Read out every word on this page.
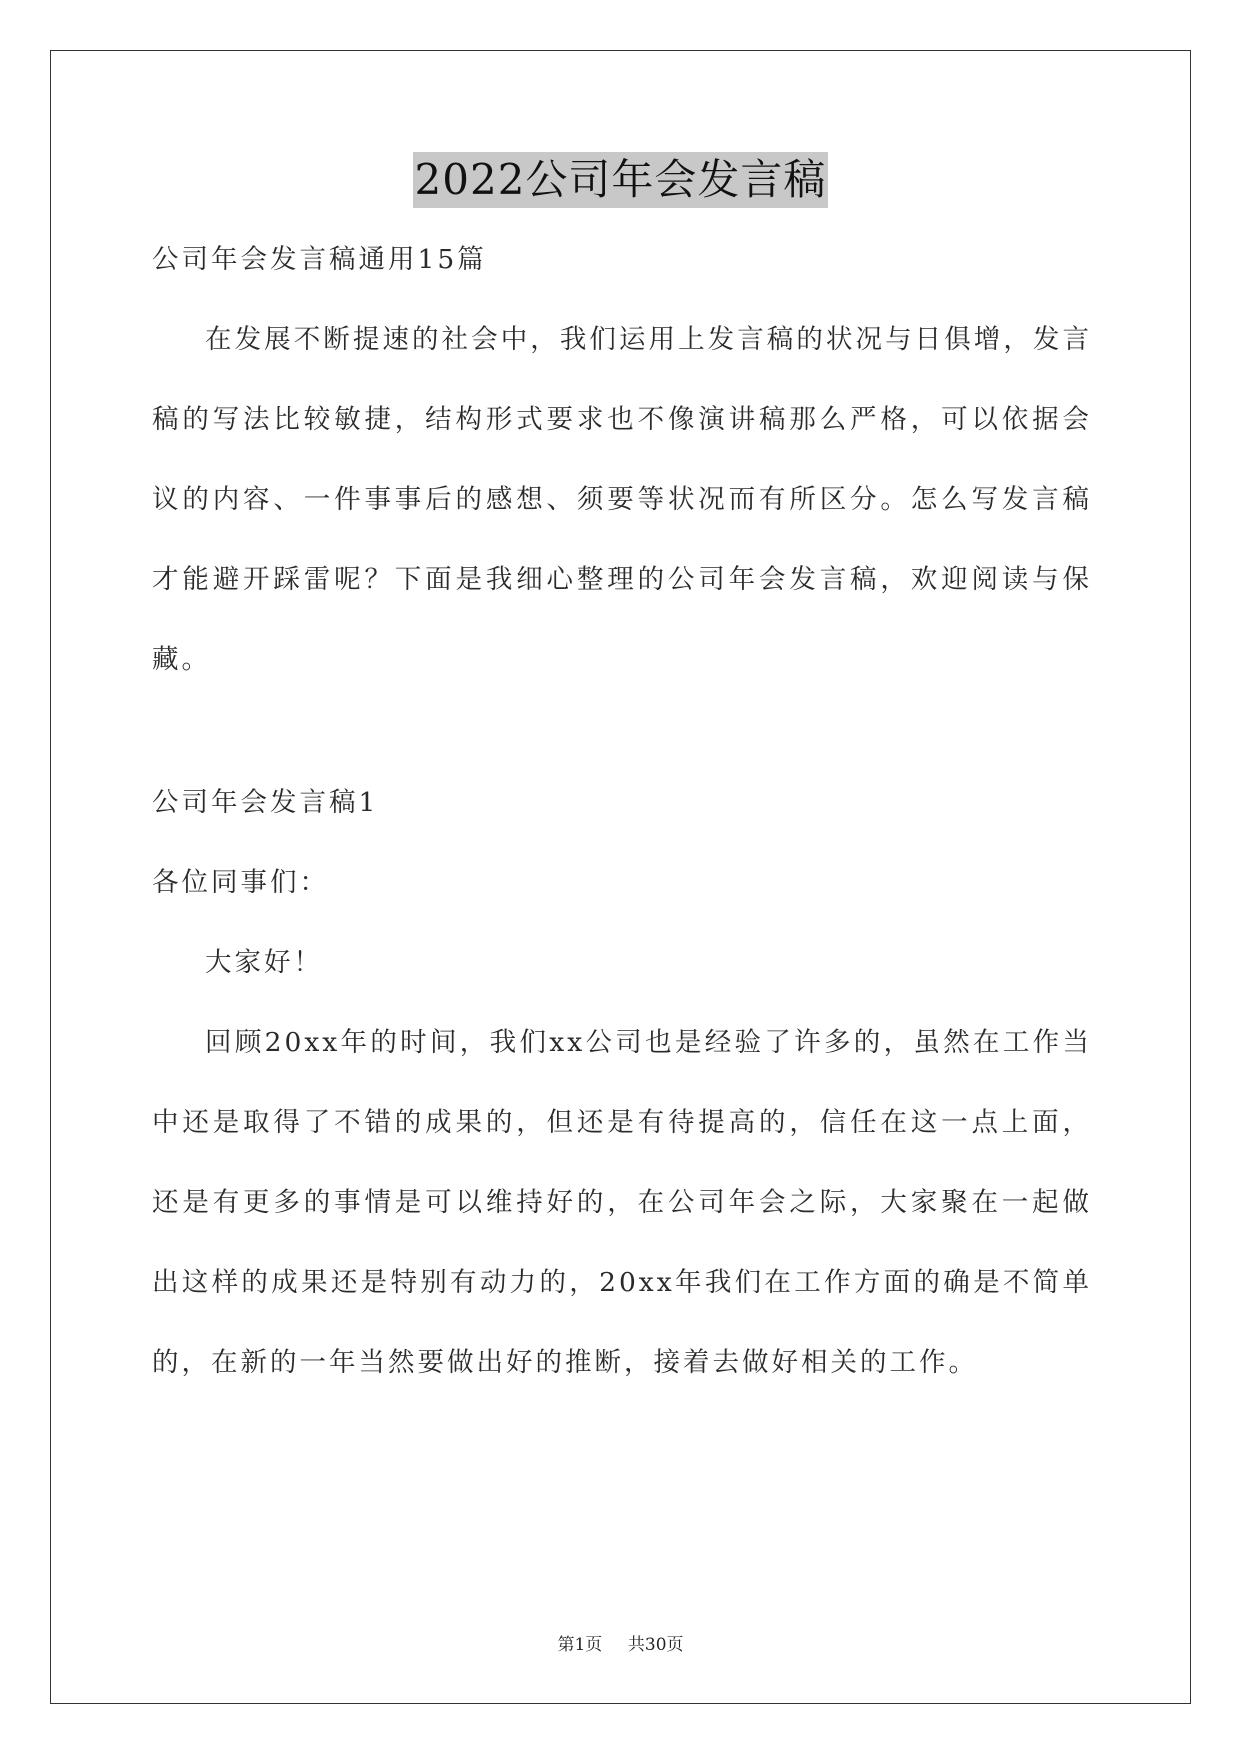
2022公司年会发言稿
公司年会发言稿通用15篇

在发展不断提速的社会中，我们运用上发言稿的状况与日俱增，发言稿的写法比较敏捷，结构形式要求也不像演讲稿那么严格，可以依据会议的内容、一件事事后的感想、须要等状况而有所区分。怎么写发言稿才能避开踩雷呢？下面是我细心整理的公司年会发言稿，欢迎阅读与保藏。

公司年会发言稿1
各位同事们：
大家好！

回顾20xx年的时间，我们xx公司也是经验了许多的，虽然在工作当中还是取得了不错的成果的，但还是有待提高的，信任在这一点上面，还是有更多的事情是可以维持好的，在公司年会之际，大家聚在一起做出这样的成果还是特别有动力的，20xx年我们在工作方面的确是不简单的，在新的一年当然要做出好的推断，接着去做好相关的工作。

第1页 共30页
